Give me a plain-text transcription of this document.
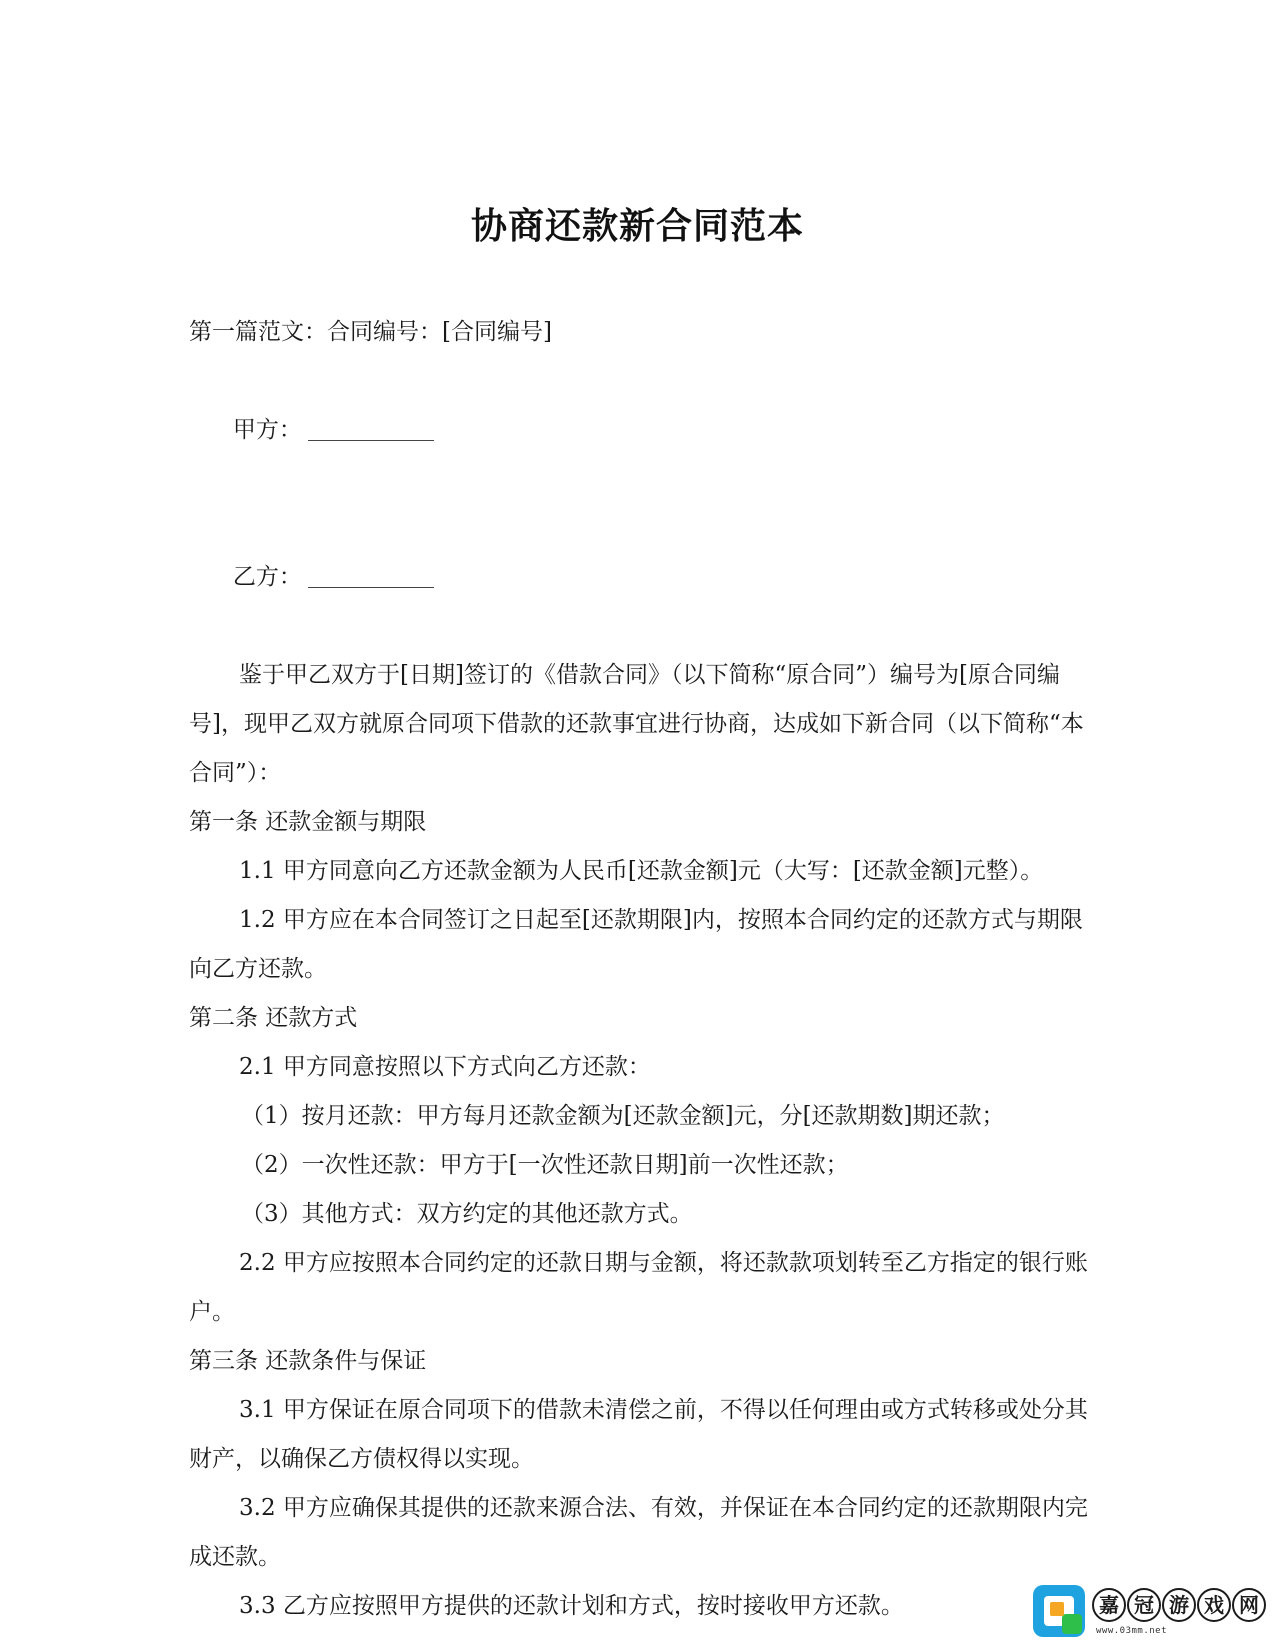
协商还款新合同范本
第一篇范文：合同编号：[合同编号]

甲方：

乙方：

鉴于甲乙双方于[日期]签订的《借款合同》（以下简称“原合同”）编号为[原合同编号]，现甲乙双方就原合同项下借款的还款事宜进行协商，达成如下新合同（以下简称“本合同”）：
第一条 还款金额与期限
1.1 甲方同意向乙方还款金额为人民币[还款金额]元（大写：[还款金额]元整）。
1.2 甲方应在本合同签订之日起至[还款期限]内，按照本合同约定的还款方式与期限向乙方还款。
第二条 还款方式
2.1 甲方同意按照以下方式向乙方还款：
（1）按月还款：甲方每月还款金额为[还款金额]元，分[还款期数]期还款；
（2）一次性还款：甲方于[一次性还款日期]前一次性还款；
（3）其他方式：双方约定的其他还款方式。
2.2 甲方应按照本合同约定的还款日期与金额，将还款款项划转至乙方指定的银行账户。
第三条 还款条件与保证
3.1 甲方保证在原合同项下的借款未清偿之前，不得以任何理由或方式转移或处分其财产，以确保乙方债权得以实现。
3.2 甲方应确保其提供的还款来源合法、有效，并保证在本合同约定的还款期限内完成还款。
3.3 乙方应按照甲方提供的还款计划和方式，按时接收甲方还款。	嘉 冠 游 戏 网
www.03mm.net
